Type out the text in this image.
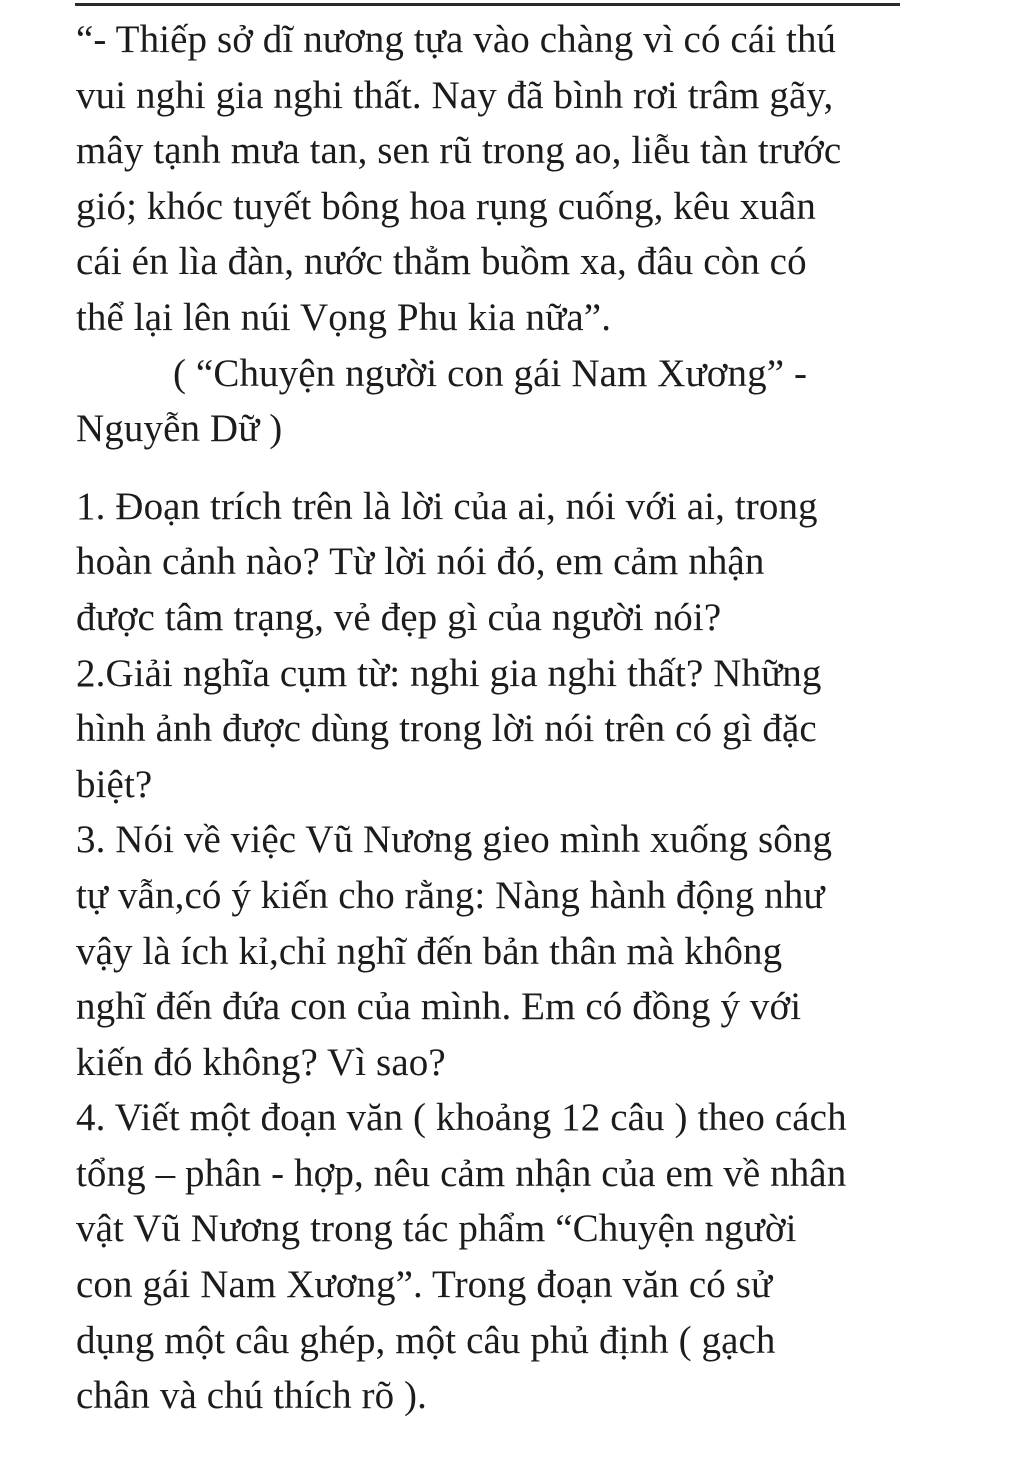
“- Thiếp sở dĩ nương tựa vào chàng vì có cái thú
vui nghi gia nghi thất. Nay đã bình rơi trâm gãy,
mây tạnh mưa tan, sen rũ trong ao, liễu tàn trước
gió; khóc tuyết bông hoa rụng cuống, kêu xuân
cái én lìa đàn, nước thẳm buồm xa, đâu còn có
thể lại lên núi Vọng Phu kia nữa”.
( “Chuyện người con gái Nam Xương” -
Nguyễn Dữ )
1. Đoạn trích trên là lời của ai, nói với ai, trong
hoàn cảnh nào? Từ lời nói đó, em cảm nhận
được tâm trạng, vẻ đẹp gì của người nói?
2.Giải nghĩa cụm từ: nghi gia nghi thất? Những
hình ảnh được dùng trong lời nói trên có gì đặc
biệt?
3. Nói về việc Vũ Nương gieo mình xuống sông
tự vẫn,có ý kiến cho rằng: Nàng hành động như
vậy là ích kỉ,chỉ nghĩ đến bản thân mà không
nghĩ đến đứa con của mình. Em có đồng ý với
kiến đó không? Vì sao?
4. Viết một đoạn văn ( khoảng 12 câu ) theo cách
tổng – phân - hợp, nêu cảm nhận của em về nhân
vật Vũ Nương trong tác phẩm “Chuyện người
con gái Nam Xương”. Trong đoạn văn có sử
dụng một câu ghép, một câu phủ định ( gạch
chân và chú thích rõ ).
